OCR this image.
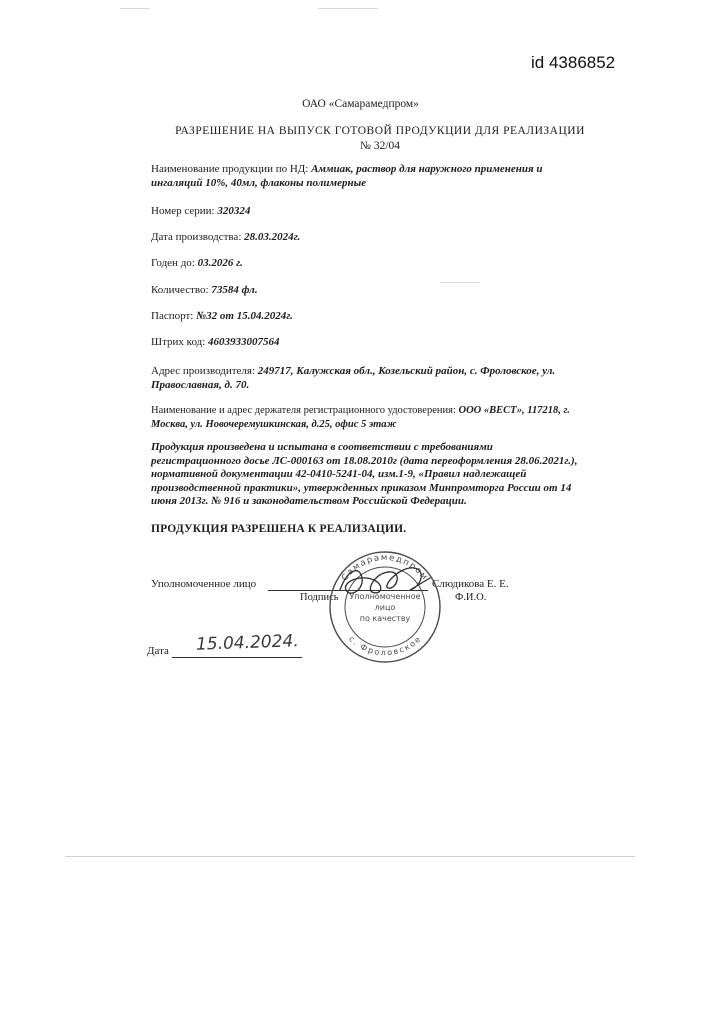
id 4386852
ОАО «Самарамедпром»
РАЗРЕШЕНИЕ НА ВЫПУСК ГОТОВОЙ ПРОДУКЦИИ ДЛЯ РЕАЛИЗАЦИИ
№ 32/04
Наименование продукции по НД: Аммиак, раствор для наружного применения и
ингаляций 10%, 40мл, флаконы полимерные
Номер серии: 320324
Дата производства: 28.03.2024г.
Годен до: 03.2026 г.
Количество: 73584 фл.
Паспорт: №32 от 15.04.2024г.
Штрих код: 4603933007564
Адрес производителя: 249717, Калужская обл., Козельский район, с. Фроловское, ул.
Православная, д. 70.
Наименование и адрес держателя регистрационного удостоверения: ООО «ВЕСТ», 117218, г.
Москва, ул. Новочеремушкинская, д.25, офис 5 этаж
Продукция произведена и испытана в соответствии с требованиями
регистрационного досье ЛС-000163 от 18.08.2010г (дата переоформления 28.06.2021г.),
нормативной документации 42-0410-5241-04, изм.1-9, «Правил надлежащей
производственной практики», утвержденных приказом Минпромторга России от 14
июня 2013г. № 916 и законодательством Российской Федерации.
ПРОДУКЦИЯ РАЗРЕШЕНА К РЕАЛИЗАЦИИ.
Уполномоченное лицо	Слюдикова Е. Е.
Подпись	Ф.И.О.
Самарамедпром
с. Фроловское
Уполномоченное
лицо
по качеству
Дата 15.04.2024.
